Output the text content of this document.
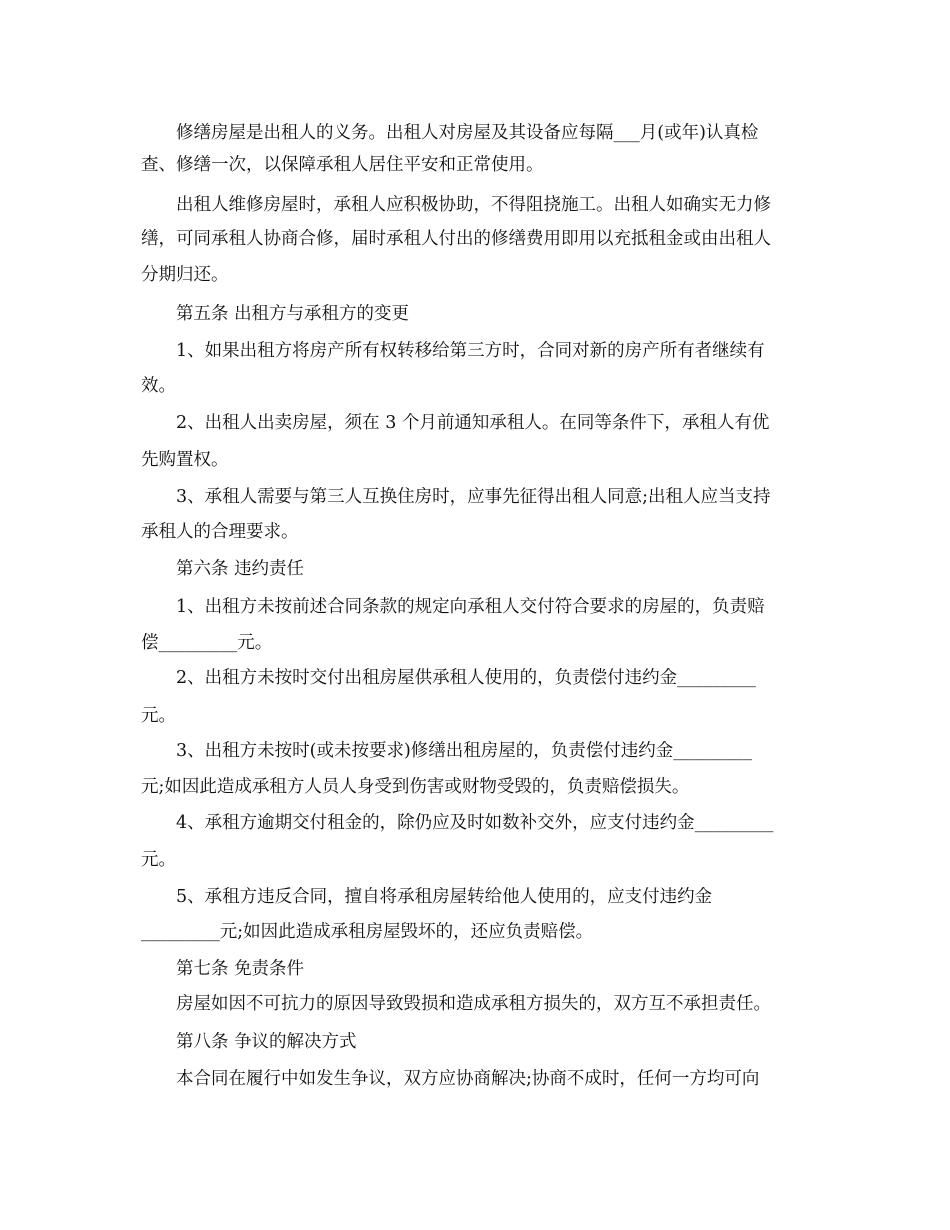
修缮房屋是出租人的义务。出租人对房屋及其设备应每隔___月(或年)认真检
查、修缮一次，以保障承租人居住平安和正常使用。
出租人维修房屋时，承租人应积极协助，不得阻挠施工。出租人如确实无力修
缮，可同承租人协商合修，届时承租人付出的修缮费用即用以充抵租金或由出租人
分期归还。
第五条 出租方与承租方的变更
1、如果出租方将房产所有权转移给第三方时，合同对新的房产所有者继续有
效。
2、出租人出卖房屋，须在 3 个月前通知承租人。在同等条件下，承租人有优
先购置权。
3、承租人需要与第三人互换住房时，应事先征得出租人同意;出租人应当支持
承租人的合理要求。
第六条 违约责任
1、出租方未按前述合同条款的规定向承租人交付符合要求的房屋的，负责赔
偿_________元。
2、出租方未按时交付出租房屋供承租人使用的，负责偿付违约金_________
元。
3、出租方未按时(或未按要求)修缮出租房屋的，负责偿付违约金_________
元;如因此造成承租方人员人身受到伤害或财物受毁的，负责赔偿损失。
4、承租方逾期交付租金的，除仍应及时如数补交外，应支付违约金_________
元。
5、承租方违反合同，擅自将承租房屋转给他人使用的，应支付违约金
_________元;如因此造成承租房屋毁坏的，还应负责赔偿。
第七条 免责条件
房屋如因不可抗力的原因导致毁损和造成承租方损失的，双方互不承担责任。
第八条 争议的解决方式
本合同在履行中如发生争议，双方应协商解决;协商不成时，任何一方均可向
